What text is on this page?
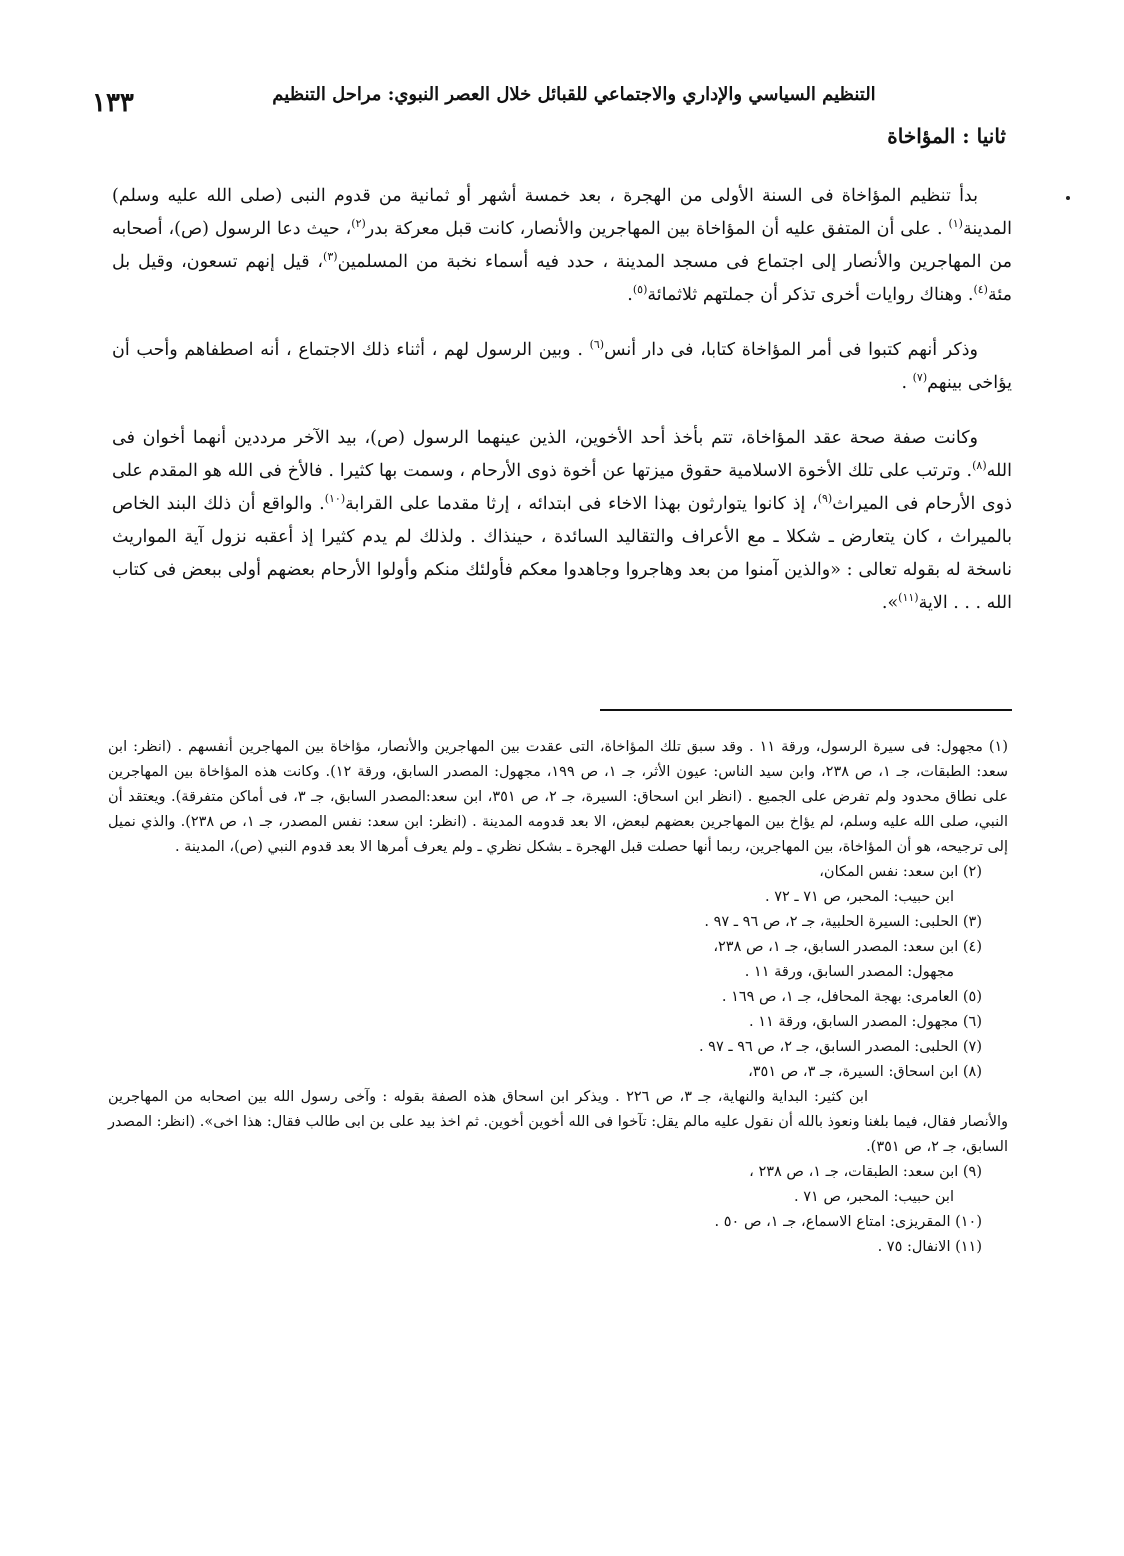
١٣٣	التنظيم السياسي والإداري والاجتماعي للقبائل خلال العصر النبوي: مراحل التنظيم
ثانيا : المؤاخاة

بدأ تنظيم المؤاخاة فى السنة الأولى من الهجرة ، بعد خمسة أشهر أو ثمانية من قدوم النبى (صلى الله عليه وسلم) المدينة$^{(١)}$ . على أن المتفق عليه أن المؤاخاة بين المهاجرين والأنصار، كانت قبل معركة بدر$^{(٢)}$، حيث دعا الرسول (ص)، أصحابه من المهاجرين والأنصار إلى اجتماع فى مسجد المدينة ، حدد فيه أسماء نخبة من المسلمين$^{(٣)}$، قيل إنهم تسعون، وقيل بل مئة$^{(٤)}$. وهناك روايات أخرى تذكر أن جملتهم ثلاثمائة$^{(٥)}$.

وذكر أنهم كتبوا فى أمر المؤاخاة كتابا، فى دار أنس$^{(٦)}$ . وبين الرسول لهم ، أثناء ذلك الاجتماع ، أنه اصطفاهم وأحب أن يؤاخى بينهم$^{(٧)}$ .

وكانت صفة صحة عقد المؤاخاة، تتم بأخذ أحد الأخوين، الذين عينهما الرسول (ص)، بيد الآخر مرددين أنهما أخوان فى الله$^{(٨)}$. وترتب على تلك الأخوة الاسلامية حقوق ميزتها عن أخوة ذوى الأرحام ، وسمت بها كثيرا . فالأخ فى الله هو المقدم على ذوى الأرحام فى الميراث$^{(٩)}$، إذ كانوا يتوارثون بهذا الاخاء فى ابتدائه ، إرثا مقدما على القرابة$^{(١٠)}$. والواقع أن ذلك البند الخاص بالميراث ، كان يتعارض ـ شكلا ـ مع الأعراف والتقاليد السائدة ، حينذاك . ولذلك لم يدم كثيرا إذ أعقبه نزول آية المواريث ناسخة له بقوله تعالى : «والذين آمنوا من بعد وهاجروا وجاهدوا معكم فأولئك منكم وأولوا الأرحام بعضهم أولى ببعض فى كتاب الله . . . الاية$^{(١١)}$».

(١) مجهول: فى سيرة الرسول، ورقة ١١ . وقد سبق تلك المؤاخاة، التى عقدت بين المهاجرين والأنصار، مؤاخاة بين المهاجرين أنفسهم . (انظر: ابن سعد: الطبقات، جـ ١، ص ٢٣٨، وابن سيد الناس: عيون الأثر، جـ ١، ص ١٩٩، مجهول: المصدر السابق، ورقة ١٢). وكانت هذه المؤاخاة بين المهاجرين على نطاق محدود ولم تفرض على الجميع . (انظر ابن اسحاق: السيرة، جـ ٢، ص ٣٥١، ابن سعد:المصدر السابق، جـ ٣، فى أماكن متفرقة). ويعتقد أن النبي، صلى الله عليه وسلم، لم يؤاخ بين المهاجرين بعضهم لبعض، الا بعد قدومه المدينة . (انظر: ابن سعد: نفس المصدر، جـ ١، ص ٢٣٨). والذي نميل إلى ترجيحه، هو أن المؤاخاة، بين المهاجرين، ربما أنها حصلت قبل الهجرة ـ بشكل نظري ـ ولم يعرف أمرها الا بعد قدوم النبي (ص)، المدينة .

(٢) ابن سعد: نفس المكان،

ابن حبيب: المحبر، ص ٧١ ـ ٧٢ .

(٣) الحلبى: السيرة الحلبية، جـ ٢، ص ٩٦ ـ ٩٧ .

(٤) ابن سعد: المصدر السابق، جـ ١، ص ٢٣٨،

مجهول: المصدر السابق، ورقة ١١ .

(٥) العامرى: بهجة المحافل، جـ ١، ص ١٦٩ .

(٦) مجهول: المصدر السابق، ورقة ١١ .

(٧) الحلبى: المصدر السابق، جـ ٢، ص ٩٦ ـ ٩٧ .

(٨) ابن اسحاق: السيرة، جـ ٣، ص ٣٥١،

ابن كثير: البداية والنهاية، جـ ٣، ص ٢٢٦ . ويذكر ابن اسحاق هذه الصفة بقوله : وآخى رسول الله بين اصحابه من المهاجرين والأنصار فقال، فيما بلغنا ونعوذ بالله أن نقول عليه مالم يقل: تآخوا فى الله أخوين أخوين. ثم اخذ بيد على بن ابى طالب فقال: هذا اخى». (انظر: المصدر السابق، جـ ٢، ص ٣٥١).

(٩) ابن سعد: الطبقات، جـ ١، ص ٢٣٨ ،

ابن حبيب: المحبر، ص ٧١ .

(١٠) المقريزى: امتاع الاسماع، جـ ١، ص ٥٠ .

(١١) الانفال: ٧٥ .
